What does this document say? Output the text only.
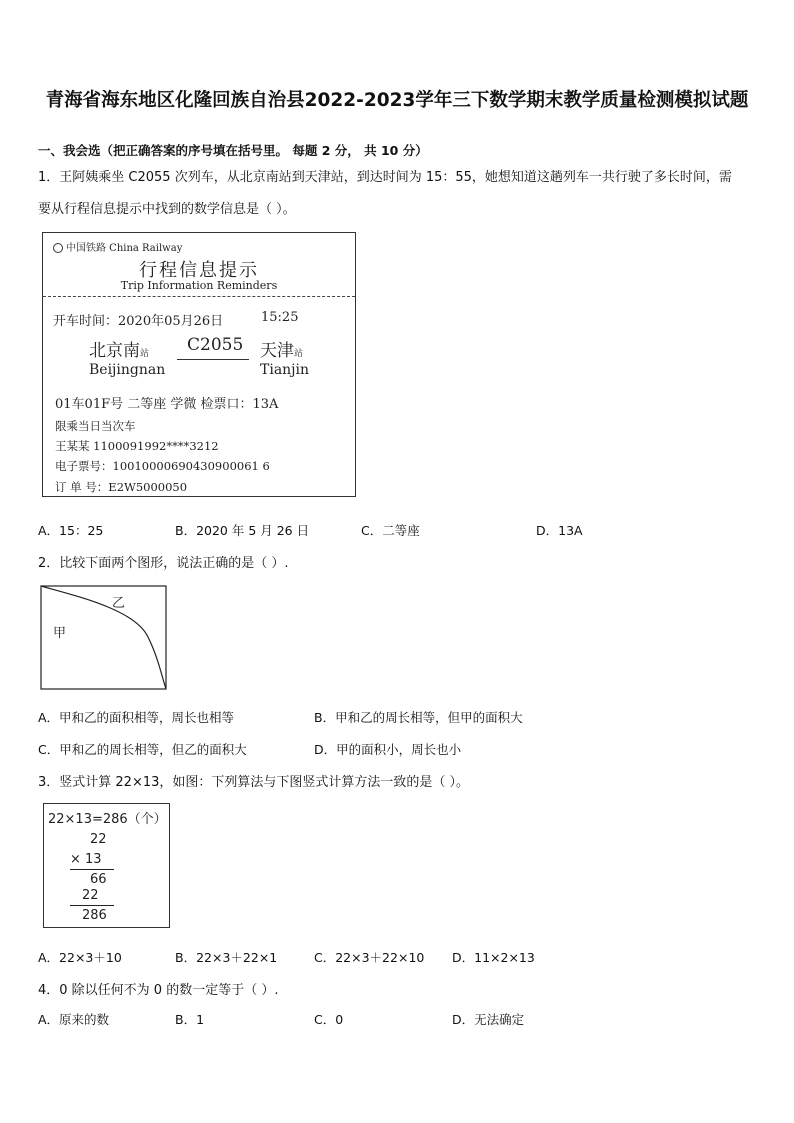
青海省海东地区化隆回族自治县2022-2023学年三下数学期末教学质量检测模拟试题
一、我会选（把正确答案的序号填在括号里。 每题 2 分， 共 10 分）
1．王阿姨乘坐 C2055 次列车，从北京南站到天津站，到达时间为 15：55，她想知道这趟列车一共行驶了多长时间，需
要从行程信息提示中找到的数学信息是（ ）。
中国铁路 China Railway
行程信息提示
Trip Information Reminders
开车时间：2020年05月26日	15:25
北京南站
Beijingnan
C2055 天津站
Tianjin
01车01F号 二等座 学微 检票口：13A
限乘当日当次车
王某某 1100091992****3212
电子票号：10010000690430900061 6
订 单 号：E2W5000050
A．15：25	B．2020 年 5 月 26 日	C．二等座	D．13A
2．比较下面两个图形，说法正确的是（ ）.
甲
乙
A．甲和乙的面积相等，周长也相等	B．甲和乙的周长相等，但甲的面积大
C．甲和乙的周长相等，但乙的面积大	D．甲的面积小，周长也小
3．竖式计算 22×13，如图：下列算法与下图竖式计算方法一致的是（ ）。
22×13=286（个）
22
× 13
66
22
286
A．22×3＋10	B．22×3＋22×1	C．22×3＋22×10 D．11×2×13
4．0 除以任何不为 0 的数一定等于（ ）.
A．原来的数	B．1	C．0	D．无法确定
